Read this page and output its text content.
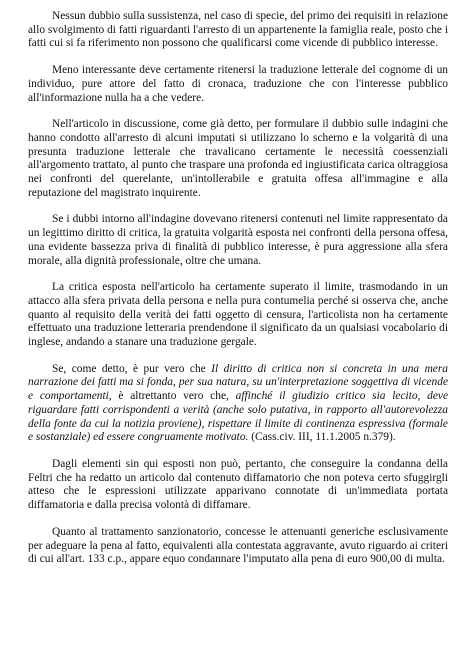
Nessun dubbio sulla sussistenza, nel caso di specie, del primo dei requisiti in relazione allo svolgimento di fatti riguardanti l'arresto di un appartenente la famiglia reale, posto che i fatti cui si fa riferimento non possono che qualificarsi come vicende di pubblico interesse.

Meno interessante deve certamente ritenersi la traduzione letterale del cognome di un individuo, pure attore del fatto di cronaca, traduzione che con l'interesse pubblico all'informazione nulla ha a che vedere.

Nell'articolo in discussione, come già detto, per formulare il dubbio sulle indagini che hanno condotto all'arresto di alcuni imputati si utilizzano lo scherno e la volgarità di una presunta traduzione letterale che travalicano certamente le necessità coessenziali all'argomento trattato, al punto che traspare una profonda ed ingiustificata carica oltraggiosa nei confronti del querelante, un'intollerabile e gratuita offesa all'immagine e alla reputazione del magistrato inquirente.

Se i dubbi intorno all'indagine dovevano ritenersi contenuti nel limite rappresentato da un legittimo diritto di critica, la gratuita volgarità esposta nei confronti della persona offesa, una evidente bassezza priva di finalità di pubblico interesse, è pura aggressione alla sfera morale, alla dignità professionale, oltre che umana.

La critica esposta nell'articolo ha certamente superato il limite, trasmodando in un attacco alla sfera privata della persona e nella pura contumelia perché si osserva che, anche quanto al requisito della verità dei fatti oggetto di censura, l'articolista non ha certamente effettuato una traduzione letteraria prendendone il significato da un qualsiasi vocabolario di inglese, andando a stanare una traduzione gergale.

Se, come detto, è pur vero che Il diritto di critica non si concreta in una mera narrazione dei fatti ma si fonda, per sua natura, su un'interpretazione soggettiva di vicende e comportamenti, è altrettanto vero che, affinché il giudizio critico sia lecito, deve riguardare fatti corrispondenti a verità (anche solo putativa, in rapporto all'autorevolezza della fonte da cui la notizia proviene), rispettare il limite di continenza espressiva (formale e sostanziale) ed essere congruamente motivato. (Cass.civ. III, 11.1.2005 n.379).

Dagli elementi sin qui esposti non può, pertanto, che conseguire la condanna della Feltri che ha redatto un articolo dal contenuto diffamatorio che non poteva certo sfuggirgli atteso che le espressioni utilizzate apparivano connotate di un'immediata portata diffamatoria e dalla precisa volontà di diffamare.

Quanto al trattamento sanzionatorio, concesse le attenuanti generiche esclusivamente per adeguare la pena al fatto, equivalenti alla contestata aggravante, avuto riguardo ai criteri di cui all'art. 133 c.p., appare equo condannare l'imputato alla pena di euro 900,00 di multa.
